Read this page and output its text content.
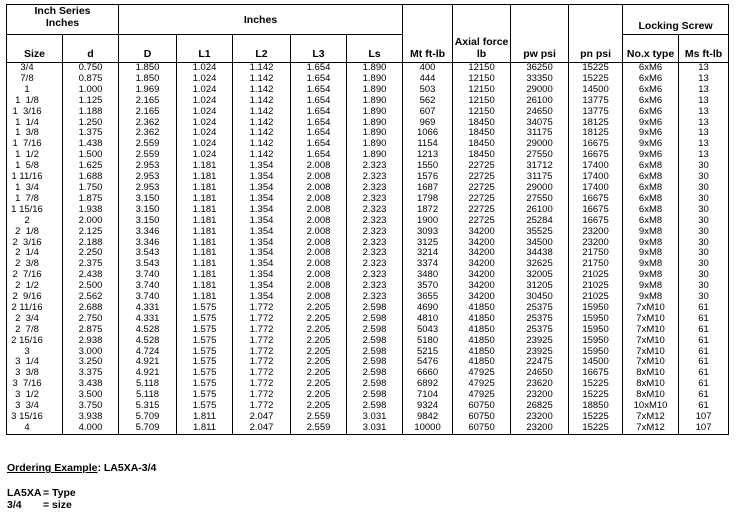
Inch Series Inches		Inches					Mt ft-lb	Axial force lb	pw psi	pn psi	Locking Screw	
Size	d	D	L1	L2	L3	Ls					No.x type	Ms ft-lb
3/4	0.750	1.850	1.024	1.142	1.654	1.890	400	12150	36250	15225	6xM6	13
7/8	0.875	1.850	1.024	1.142	1.654	1.890	444	12150	33350	15225	6xM6	13
1	1.000	1.969	1.024	1.142	1.654	1.890	503	12150	29000	14500	6xM6	13
1  1/8	1.125	2.165	1.024	1.142	1.654	1.890	562	12150	26100	13775	6xM6	13
1  3/16	1.188	2.165	1.024	1.142	1.654	1.890	607	12150	24650	13775	6xM6	13
1  1/4	1.250	2.362	1.024	1.142	1.654	1.890	969	18450	34075	18125	9xM6	13
1  3/8	1.375	2.362	1.024	1.142	1.654	1.890	1066	18450	31175	18125	9xM6	13
1  7/16	1.438	2.559	1.024	1.142	1.654	1.890	1154	18450	29000	16675	9xM6	13
1  1/2	1.500	2.559	1.024	1.142	1.654	1.890	1213	18450	27550	16675	9xM6	13
1  5/8	1.625	2.953	1.181	1.354	2.008	2.323	1550	22725	31712	17400	6xM8	30
1 11/16	1.688	2.953	1.181	1.354	2.008	2.323	1576	22725	31175	17400	6xM8	30
1  3/4	1.750	2.953	1.181	1.354	2.008	2.323	1687	22725	29000	17400	6xM8	30
1  7/8	1.875	3.150	1.181	1.354	2.008	2.323	1798	22725	27550	16675	6xM8	30
1 15/16	1.938	3.150	1.181	1.354	2.008	2.323	1872	22725	26100	16675	6xM8	30
2	2.000	3.150	1.181	1.354	2.008	2.323	1900	22725	25284	16675	6xM8	30
2  1/8	2.125	3.346	1.181	1.354	2.008	2.323	3093	34200	35525	23200	9xM8	30
2  3/16	2.188	3.346	1.181	1.354	2.008	2.323	3125	34200	34500	23200	9xM8	30
2  1/4	2.250	3.543	1.181	1.354	2.008	2.323	3214	34200	34438	21750	9xM8	30
2  3/8	2.375	3.543	1.181	1.354	2.008	2.323	3374	34200	32625	21750	9xM8	30
2  7/16	2.438	3.740	1.181	1.354	2.008	2.323	3480	34200	32005	21025	9xM8	30
2  1/2	2.500	3.740	1.181	1.354	2.008	2.323	3570	34200	31205	21025	9xM8	30
2  9/16	2.562	3.740	1.181	1.354	2.008	2.323	3655	34200	30450	21025	9xM8	30
2 11/16	2.688	4.331	1.575	1.772	2.205	2.598	4690	41850	25375	15950	7xM10	61
2  3/4	2.750	4.331	1.575	1.772	2.205	2.598	4810	41850	25375	15950	7xM10	61
2  7/8	2.875	4.528	1.575	1.772	2.205	2.598	5043	41850	25375	15950	7xM10	61
2 15/16	2.938	4.528	1.575	1.772	2.205	2.598	5180	41850	23925	15950	7xM10	61
3	3.000	4.724	1.575	1.772	2.205	2.598	5215	41850	23925	15950	7xM10	61
3  1/4	3.250	4.921	1.575	1.772	2.205	2.598	5476	41850	22475	14500	7xM10	61
3  3/8	3.375	4.921	1.575	1.772	2.205	2.598	6660	47925	24650	16675	8xM10	61
3  7/16	3.438	5.118	1.575	1.772	2.205	2.598	6892	47925	23620	15225	8xM10	61
3  1/2	3.500	5.118	1.575	1.772	2.205	2.598	7104	47925	23200	15225	8xM10	61
3  3/4	3.750	5.315	1.575	1.772	2.205	2.598	9324	60750	26825	18850	10xM10	61
3 15/16	3.938	5.709	1.811	2.047	2.559	3.031	9842	60750	23200	15225	7xM12	107
4	4.000	5.709	1.811	2.047	2.559	3.031	10000	60750	23200	15225	7xM12	107
Ordering Example: LA5XA-3/4
LA5XA = Type
3/4 = size
